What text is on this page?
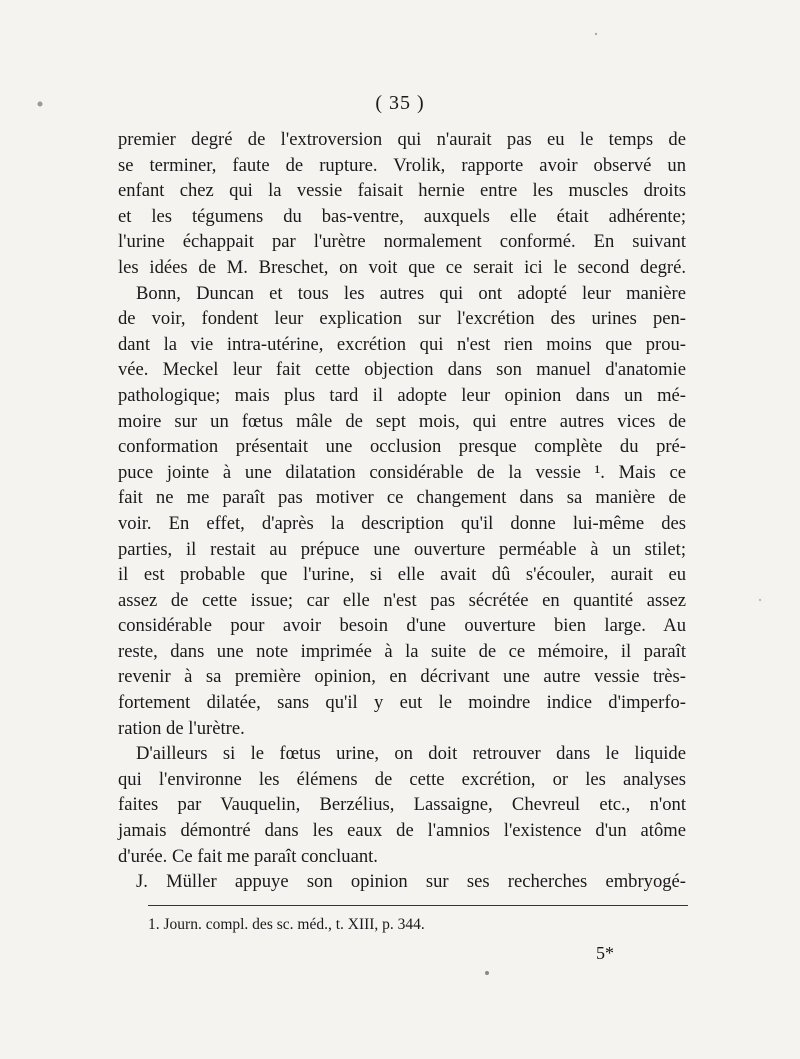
( 35 )
premier degré de l'extroversion qui n'aurait pas eu le temps de
se terminer, faute de rupture. Vrolik, rapporte avoir observé un
enfant chez qui la vessie faisait hernie entre les muscles droits
et les tégumens du bas-ventre, auxquels elle était adhérente;
l'urine échappait par l'urètre normalement conformé. En suivant
les idées de M. Breschet, on voit que ce serait ici le second degré.
Bonn, Duncan et tous les autres qui ont adopté leur manière
de voir, fondent leur explication sur l'excrétion des urines pen-
dant la vie intra-utérine, excrétion qui n'est rien moins que prou-
vée. Meckel leur fait cette objection dans son manuel d'anatomie
pathologique; mais plus tard il adopte leur opinion dans un mé-
moire sur un fœtus mâle de sept mois, qui entre autres vices de
conformation présentait une occlusion presque complète du pré-
puce jointe à une dilatation considérable de la vessie ¹. Mais ce
fait ne me paraît pas motiver ce changement dans sa manière de
voir. En effet, d'après la description qu'il donne lui-même des
parties, il restait au prépuce une ouverture perméable à un stilet;
il est probable que l'urine, si elle avait dû s'écouler, aurait eu
assez de cette issue; car elle n'est pas sécrétée en quantité assez
considérable pour avoir besoin d'une ouverture bien large. Au
reste, dans une note imprimée à la suite de ce mémoire, il paraît
revenir à sa première opinion, en décrivant une autre vessie très-
fortement dilatée, sans qu'il y eut le moindre indice d'imperfo-
ration de l'urètre.
D'ailleurs si le fœtus urine, on doit retrouver dans le liquide
qui l'environne les élémens de cette excrétion, or les analyses
faites par Vauquelin, Berzélius, Lassaigne, Chevreul etc., n'ont
jamais démontré dans les eaux de l'amnios l'existence d'un atôme
d'urée. Ce fait me paraît concluant.
J. Müller appuye son opinion sur ses recherches embryogé-
1. Journ. compl. des sc. méd., t. XIII, p. 344.
5*
